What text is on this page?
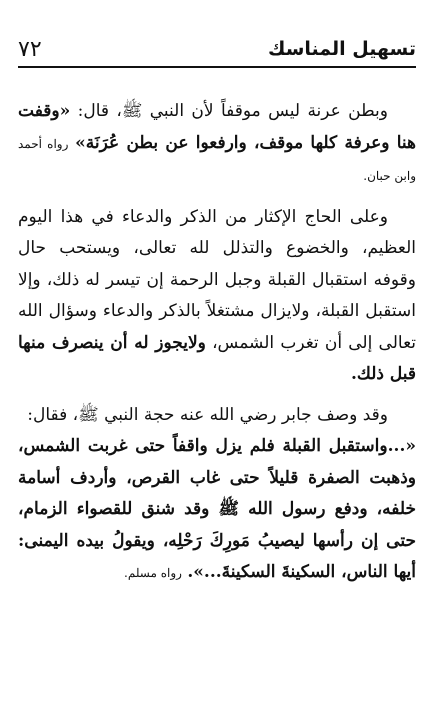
تسهيل المناسك
٧٢

وبطن عرنة ليس موقفاً لأن النبي ﷺ، قال: «وقفت هنا وعرفة كلها موقف، وارفعوا عن بطن عُرَنَة» رواه أحمد وابن حبان.

وعلى الحاج الإكثار من الذكر والدعاء في هذا اليوم العظيم، والخضوع والتذلل لله تعالى، ويستحب حال وقوفه استقبال القبلة وجبل الرحمة إن تيسر له ذلك، وإلا استقبل القبلة، ولايزال مشتغلاً بالذكر والدعاء وسؤال الله تعالى إلى أن تغرب الشمس، ولايجوز له أن ينصرف منها قبل ذلك.

وقد وصف جابر رضي الله عنه حجة النبي ﷺ، فقال:

«...واستقبل القبلة فلم يزل واقفاً حتى غربت الشمس، وذهبت الصفرة قليلاً حتى غاب القرص، وأردف أسامة خلفه، ودفع رسول الله ﷺ وقد شنق للقصواء الزمام، حتى إن رأسها ليصيبُ مَورِكَ رَحْلِه، ويقولُ بيده اليمنى: أيها الناس، السكينةَ السكينةَ...». رواه مسلم.
